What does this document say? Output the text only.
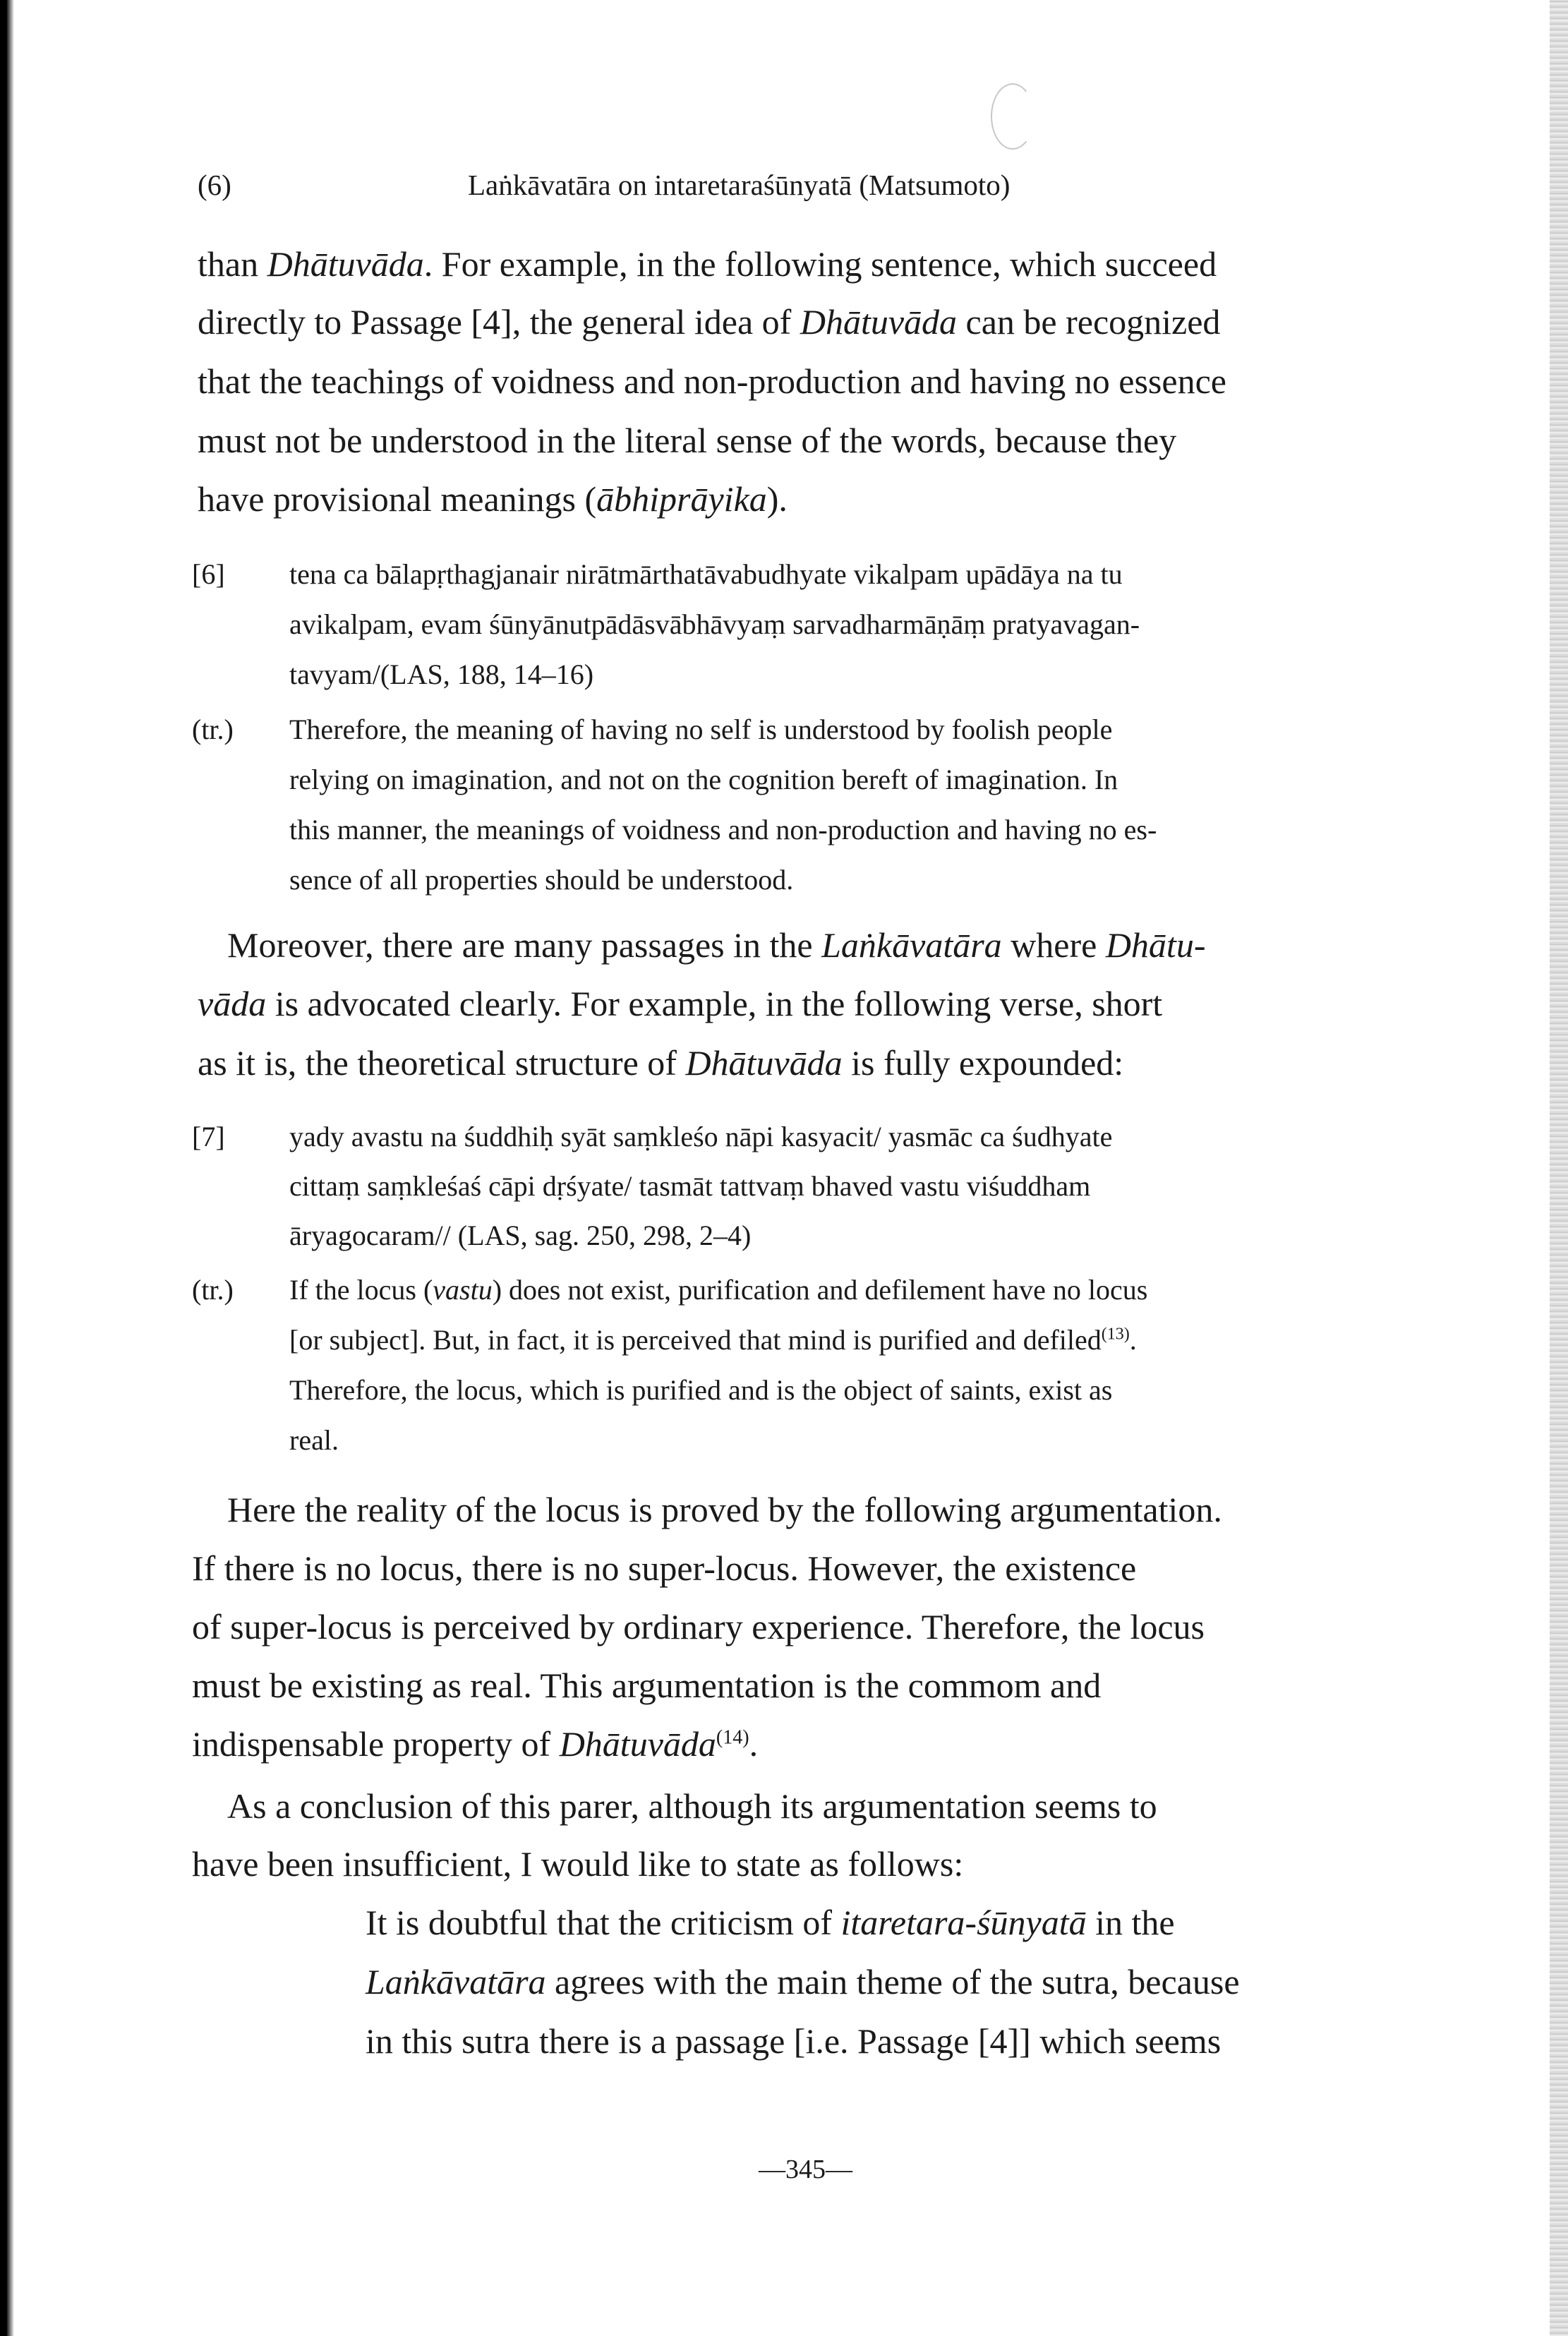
(6)	Laṅkāvatāra on intaretaraśūnyatā (Matsumoto)

than Dhātuvāda. For example, in the following sentence, which succeed

directly to Passage [4], the general idea of Dhātuvāda can be recognized

that the teachings of voidness and non-production and having no essence

must not be understood in the literal sense of the words, because they

have provisional meanings (ābhiprāyika).

[6] tena ca bālapṛthagjanair nirātmārthatāvabudhyate vikalpam upādāya na tu

avikalpam, evam śūnyānutpādāsvābhāvyaṃ sarvadharmāṇāṃ pratyavagan-

tavyam/(LAS, 188, 14–16)

(tr.) Therefore, the meaning of having no self is understood by foolish people

relying on imagination, and not on the cognition bereft of imagination. In

this manner, the meanings of voidness and non-production and having no es-

sence of all properties should be understood.

Moreover, there are many passages in the Laṅkāvatāra where Dhātu-

vāda is advocated clearly. For example, in the following verse, short

as it is, the theoretical structure of Dhātuvāda is fully expounded:

[7] yady avastu na śuddhiḥ syāt saṃkleśo nāpi kasyacit/ yasmāc ca śudhyate

cittaṃ saṃkleśaś cāpi dṛśyate/ tasmāt tattvaṃ bhaved vastu viśuddham

āryagocaram// (LAS, sag. 250, 298, 2–4)

(tr.) If the locus (vastu) does not exist, purification and defilement have no locus

[or subject]. But, in fact, it is perceived that mind is purified and defiled$^{(13)}$.

Therefore, the locus, which is purified and is the object of saints, exist as

real.

Here the reality of the locus is proved by the following argumentation.

If there is no locus, there is no super-locus. However, the existence

of super-locus is perceived by ordinary experience. Therefore, the locus

must be existing as real. This argumentation is the commom and

indispensable property of Dhātuvāda$^{(14)}$.

As a conclusion of this parer, although its argumentation seems to

have been insufficient, I would like to state as follows:

It is doubtful that the criticism of itaretara-śūnyatā in the

Laṅkāvatāra agrees with the main theme of the sutra, because

in this sutra there is a passage [i.e. Passage [4]] which seems

—345—
